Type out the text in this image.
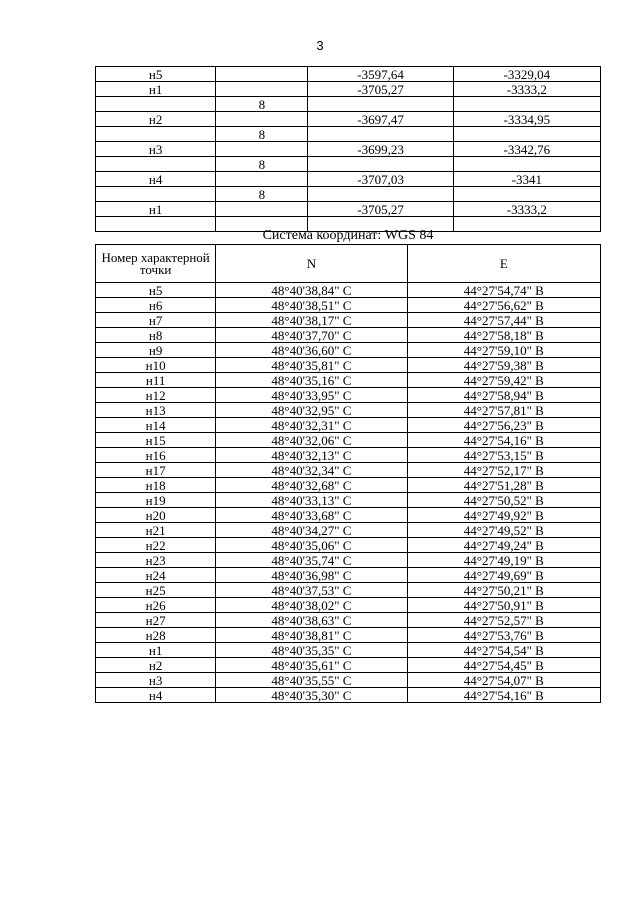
3
н5		-3597,64	-3329,04
н1		-3705,27	-3333,2
	8		
н2		-3697,47	-3334,95
	8		
н3		-3699,23	-3342,76
	8		
н4		-3707,03	-3341
	8		
н1		-3705,27	-3333,2

Система координат: WGS 84
Номер характерной точки	N	E
н5	48°40'38,84" С	44°27'54,74" В
н6	48°40'38,51" С	44°27'56,62" В
н7	48°40'38,17" С	44°27'57,44" В
н8	48°40'37,70" С	44°27'58,18" В
н9	48°40'36,60" С	44°27'59,10" В
н10	48°40'35,81" С	44°27'59,38" В
н11	48°40'35,16" С	44°27'59,42" В
н12	48°40'33,95" С	44°27'58,94" В
н13	48°40'32,95" С	44°27'57,81" В
н14	48°40'32,31" С	44°27'56,23" В
н15	48°40'32,06" С	44°27'54,16" В
н16	48°40'32,13" С	44°27'53,15" В
н17	48°40'32,34" С	44°27'52,17" В
н18	48°40'32,68" С	44°27'51,28" В
н19	48°40'33,13" С	44°27'50,52" В
н20	48°40'33,68" С	44°27'49,92" В
н21	48°40'34,27" С	44°27'49,52" В
н22	48°40'35,06" С	44°27'49,24" В
н23	48°40'35,74" С	44°27'49,19" В
н24	48°40'36,98" С	44°27'49,69" В
н25	48°40'37,53" С	44°27'50,21" В
н26	48°40'38,02" С	44°27'50,91" В
н27	48°40'38,63" С	44°27'52,57" В
н28	48°40'38,81" С	44°27'53,76" В
н1	48°40'35,35" С	44°27'54,54" В
н2	48°40'35,61" С	44°27'54,45" В
н3	48°40'35,55" С	44°27'54,07" В
н4	48°40'35,30" С	44°27'54,16" В
